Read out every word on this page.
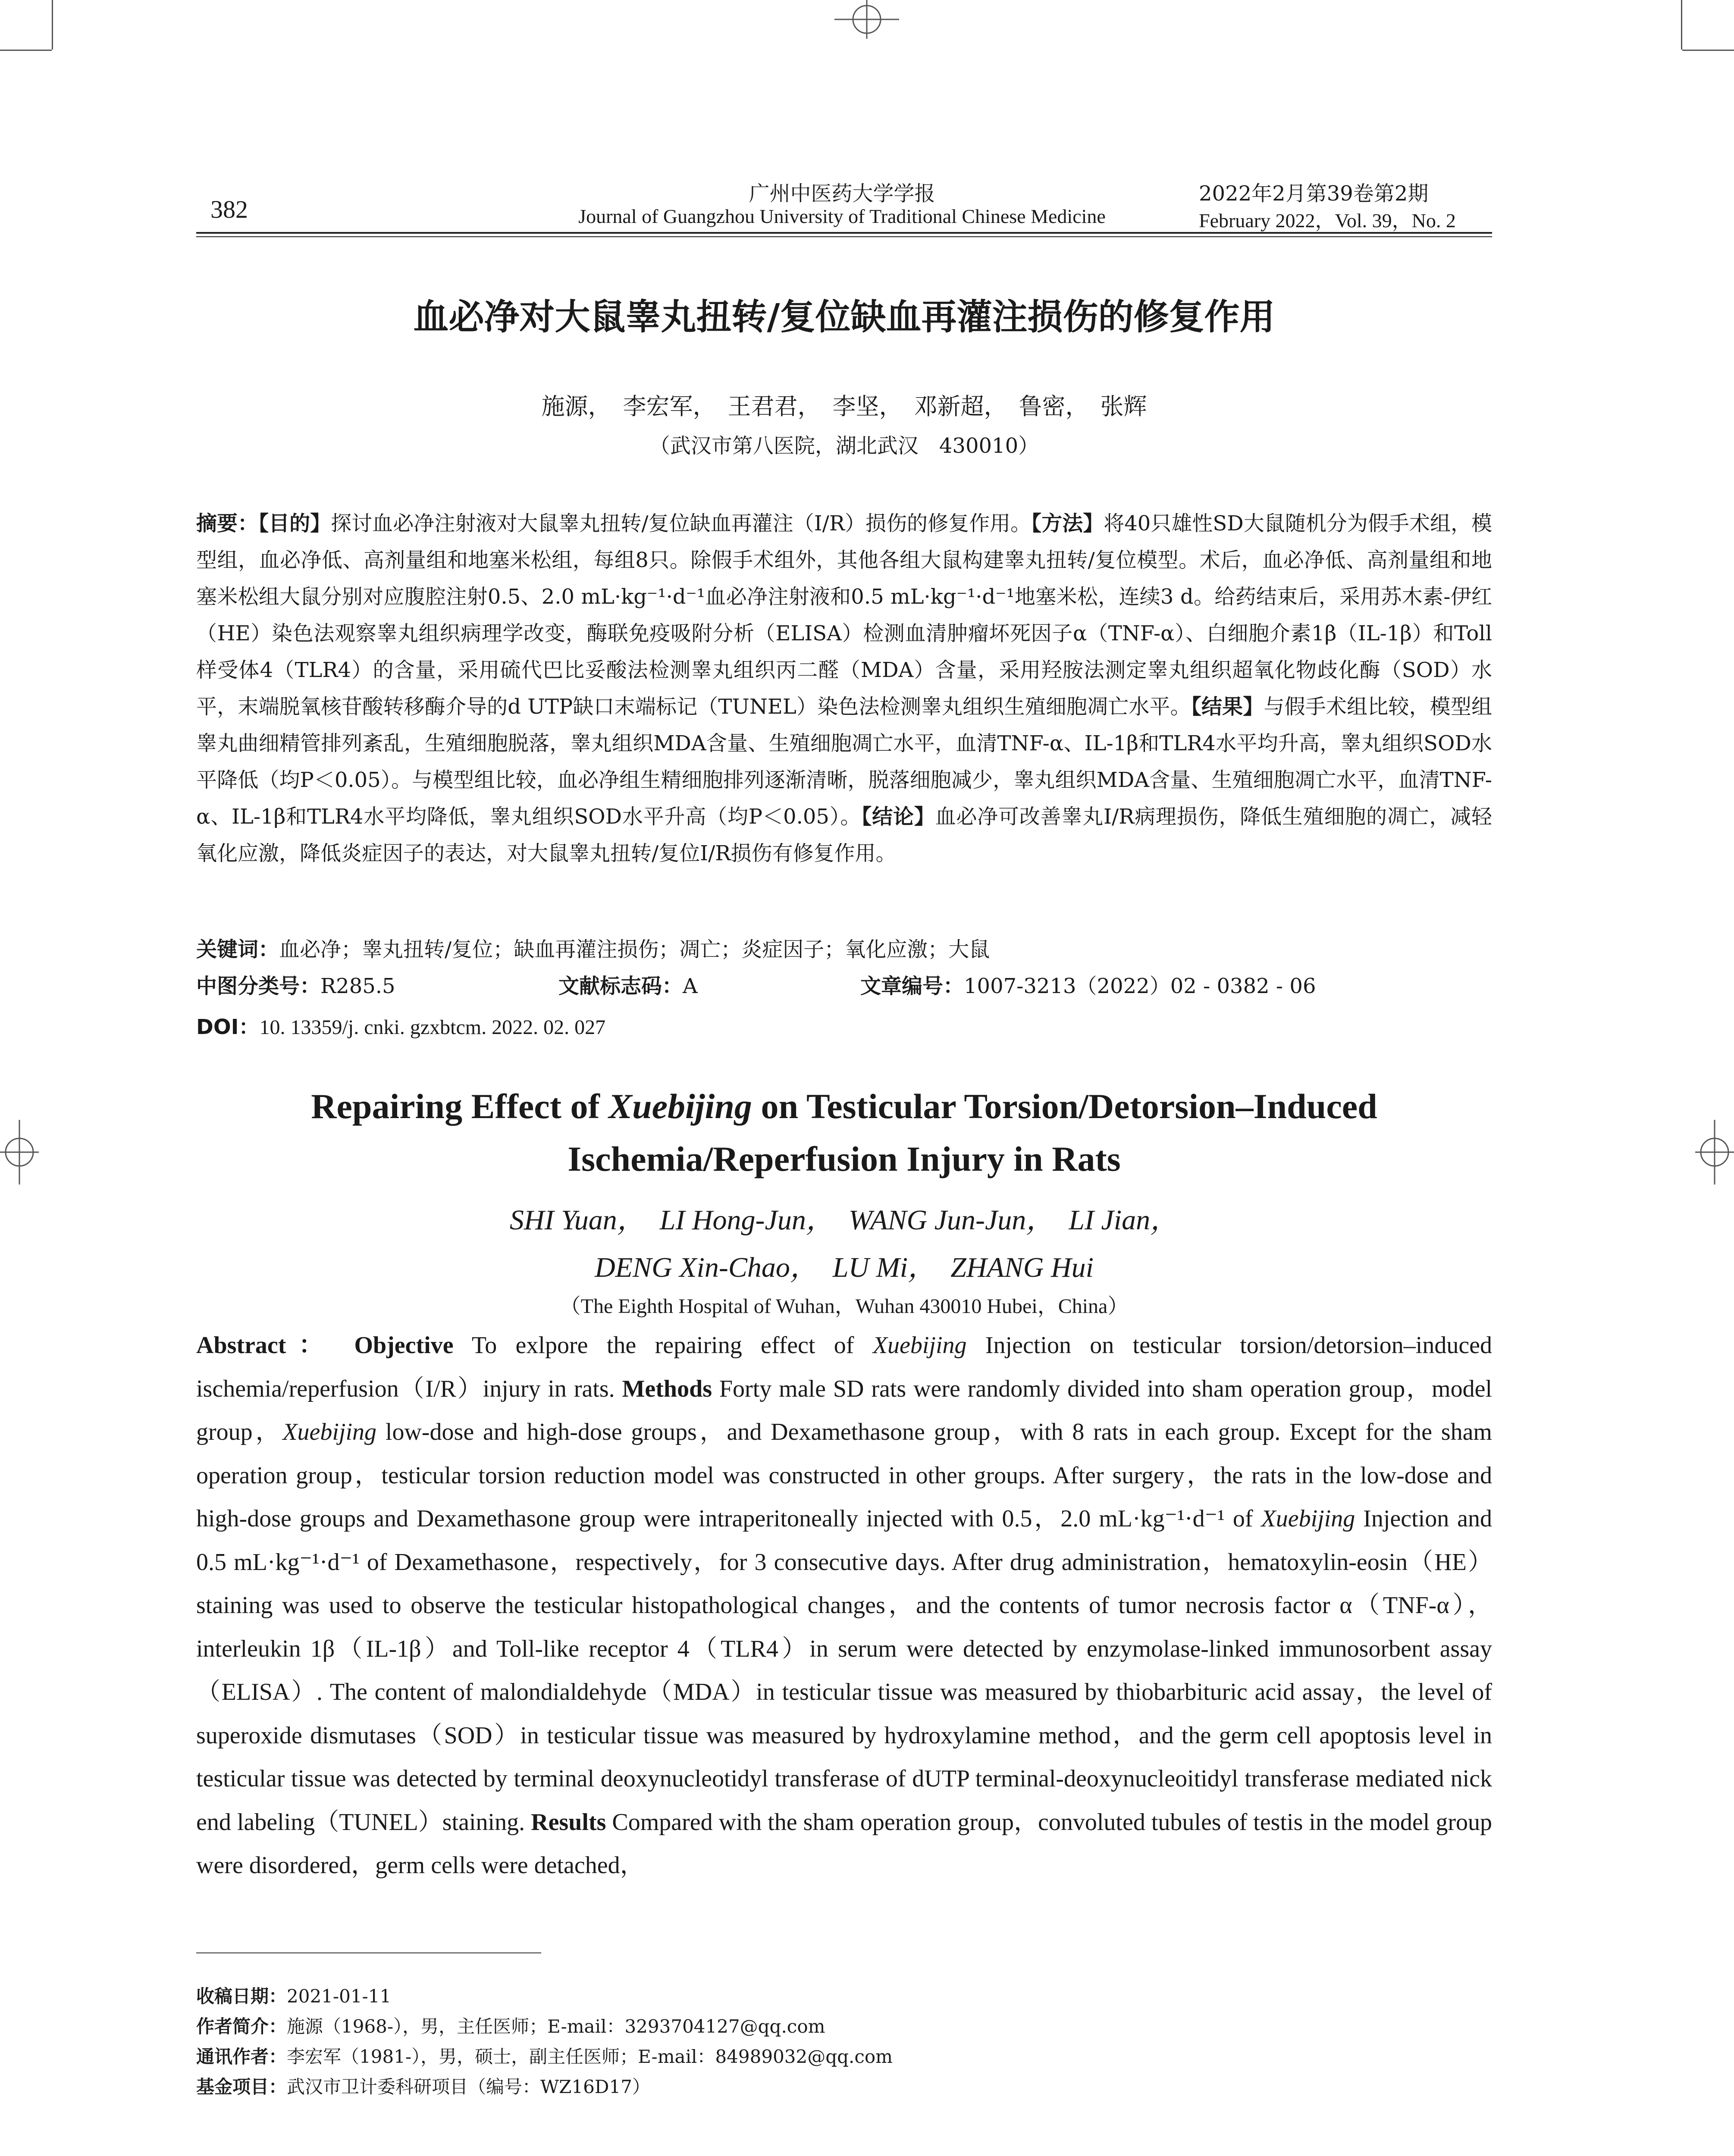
382
广州中医药大学学报
Journal of Guangzhou University of Traditional Chinese Medicine
2022年2月第39卷第2期
February 2022，Vol. 39，No. 2
血必净对大鼠睾丸扭转/复位缺血再灌注损伤的修复作用
施源，　李宏军，　王君君，　李坚，　邓新超，　鲁密，　张辉
（武汉市第八医院，湖北武汉　430010）
摘要：【目的】探讨血必净注射液对大鼠睾丸扭转/复位缺血再灌注（I/R）损伤的修复作用。【方法】将40只雄性SD大鼠随机分为假手术组，模型组，血必净低、高剂量组和地塞米松组，每组8只。除假手术组外，其他各组大鼠构建睾丸扭转/复位模型。术后，血必净低、高剂量组和地塞米松组大鼠分别对应腹腔注射0.5、2.0 mL·kg⁻¹·d⁻¹血必净注射液和0.5 mL·kg⁻¹·d⁻¹地塞米松，连续3 d。给药结束后，采用苏木素-伊红（HE）染色法观察睾丸组织病理学改变，酶联免疫吸附分析（ELISA）检测血清肿瘤坏死因子α（TNF-α）、白细胞介素1β（IL-1β）和Toll样受体4（TLR4）的含量，采用硫代巴比妥酸法检测睾丸组织丙二醛（MDA）含量，采用羟胺法测定睾丸组织超氧化物歧化酶（SOD）水平，末端脱氧核苷酸转移酶介导的d UTP缺口末端标记（TUNEL）染色法检测睾丸组织生殖细胞凋亡水平。【结果】与假手术组比较，模型组睾丸曲细精管排列紊乱，生殖细胞脱落，睾丸组织MDA含量、生殖细胞凋亡水平，血清TNF-α、IL-1β和TLR4水平均升高，睾丸组织SOD水平降低（均P＜0.05）。与模型组比较，血必净组生精细胞排列逐渐清晰，脱落细胞减少，睾丸组织MDA含量、生殖细胞凋亡水平，血清TNF-α、IL-1β和TLR4水平均降低，睾丸组织SOD水平升高（均P＜0.05）。【结论】血必净可改善睾丸I/R病理损伤，降低生殖细胞的凋亡，减轻氧化应激，降低炎症因子的表达，对大鼠睾丸扭转/复位I/R损伤有修复作用。
关键词：血必净；睾丸扭转/复位；缺血再灌注损伤；凋亡；炎症因子；氧化应激；大鼠
中图分类号：R285.5	文献标志码：A	文章编号：1007-3213（2022）02 - 0382 - 06
DOI：10. 13359/j. cnki. gzxbtcm. 2022. 02. 027
Repairing Effect of Xuebijing on Testicular Torsion/Detorsion–Induced
Ischemia/Reperfusion Injury in Rats
SHI Yuan，　LI Hong-Jun，　WANG Jun-Jun，　LI Jian，
DENG Xin-Chao，　LU Mi，　ZHANG Hui
（The Eighth Hospital of Wuhan，Wuhan 430010 Hubei，China）
Abstract： Objective To exlpore the repairing effect of Xuebijing Injection on testicular torsion/detorsion–induced ischemia/reperfusion（I/R）injury in rats. Methods Forty male SD rats were randomly divided into sham operation group，model group，Xuebijing low-dose and high-dose groups，and Dexamethasone group，with 8 rats in each group. Except for the sham operation group，testicular torsion reduction model was constructed in other groups. After surgery，the rats in the low-dose and high-dose groups and Dexamethasone group were intraperitoneally injected with 0.5，2.0 mL·kg⁻¹·d⁻¹ of Xuebijing Injection and 0.5 mL·kg⁻¹·d⁻¹ of Dexamethasone，respectively，for 3 consecutive days. After drug administration，hematoxylin-eosin（HE）staining was used to observe the testicular histopathological changes，and the contents of tumor necrosis factor α（TNF-α），interleukin 1β（IL-1β）and Toll-like receptor 4（TLR4）in serum were detected by enzymolase-linked immunosorbent assay（ELISA）. The content of malondialdehyde（MDA）in testicular tissue was measured by thiobarbituric acid assay，the level of superoxide dismutases（SOD）in testicular tissue was measured by hydroxylamine method，and the germ cell apoptosis level in testicular tissue was detected by terminal deoxynucleotidyl transferase of dUTP terminal-deoxynucleoitidyl transferase mediated nick end labeling（TUNEL）staining. Results Compared with the sham operation group，convoluted tubules of testis in the model group were disordered，germ cells were detached，
收稿日期：2021-01-11
作者简介：施源（1968-），男，主任医师；E-mail：3293704127@qq.com
通讯作者：李宏军（1981-），男，硕士，副主任医师；E-mail：84989032@qq.com
基金项目：武汉市卫计委科研项目（编号：WZ16D17）
